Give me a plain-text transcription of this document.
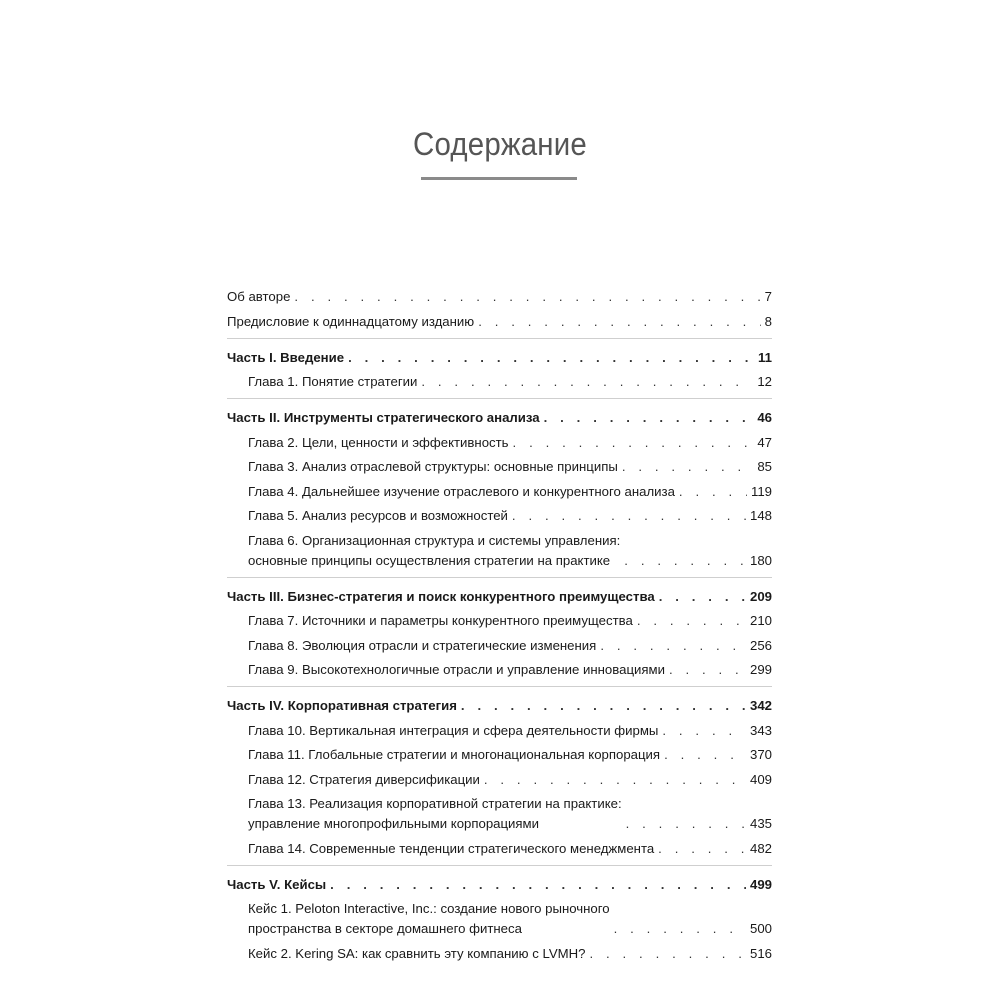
Содержание
Об авторе . . .	7
Предисловие к одиннадцатому изданию . . .	8
Часть I. Введение . . .	11
Глава 1. Понятие стратегии . . .	12
Часть II. Инструменты стратегического анализа . . .	46
Глава 2. Цели, ценности и эффективность . . .	47
Глава 3. Анализ отраслевой структуры: основные принципы . . .	85
Глава 4. Дальнейшее изучение отраслевого и конкурентного анализа . . .	119
Глава 5. Анализ ресурсов и возможностей . . .	148
Глава 6. Организационная структура и системы управления:
основные принципы осуществления стратегии на практике . . .	180
Часть III. Бизнес-стратегия и поиск конкурентного преимущества . . .	209
Глава 7. Источники и параметры конкурентного преимущества . . .	210
Глава 8. Эволюция отрасли и стратегические изменения . . .	256
Глава 9. Высокотехнологичные отрасли и управление инновациями . . .	299
Часть IV. Корпоративная стратегия . . .	342
Глава 10. Вертикальная интеграция и сфера деятельности фирмы . . .	343
Глава 11. Глобальные стратегии и многонациональная корпорация . . .	370
Глава 12. Стратегия диверсификации . . .	409
Глава 13. Реализация корпоративной стратегии на практике:
управление многопрофильными корпорациями . . .	435
Глава 14. Современные тенденции стратегического менеджмента . . .	482
Часть V. Кейсы . . .	499
Кейс 1. Peloton Interactive, Inc.: создание нового рыночного
пространства в секторе домашнего фитнеса . . .	500
Кейс 2. Kering SA: как сравнить эту компанию с LVMH? . . .	516
